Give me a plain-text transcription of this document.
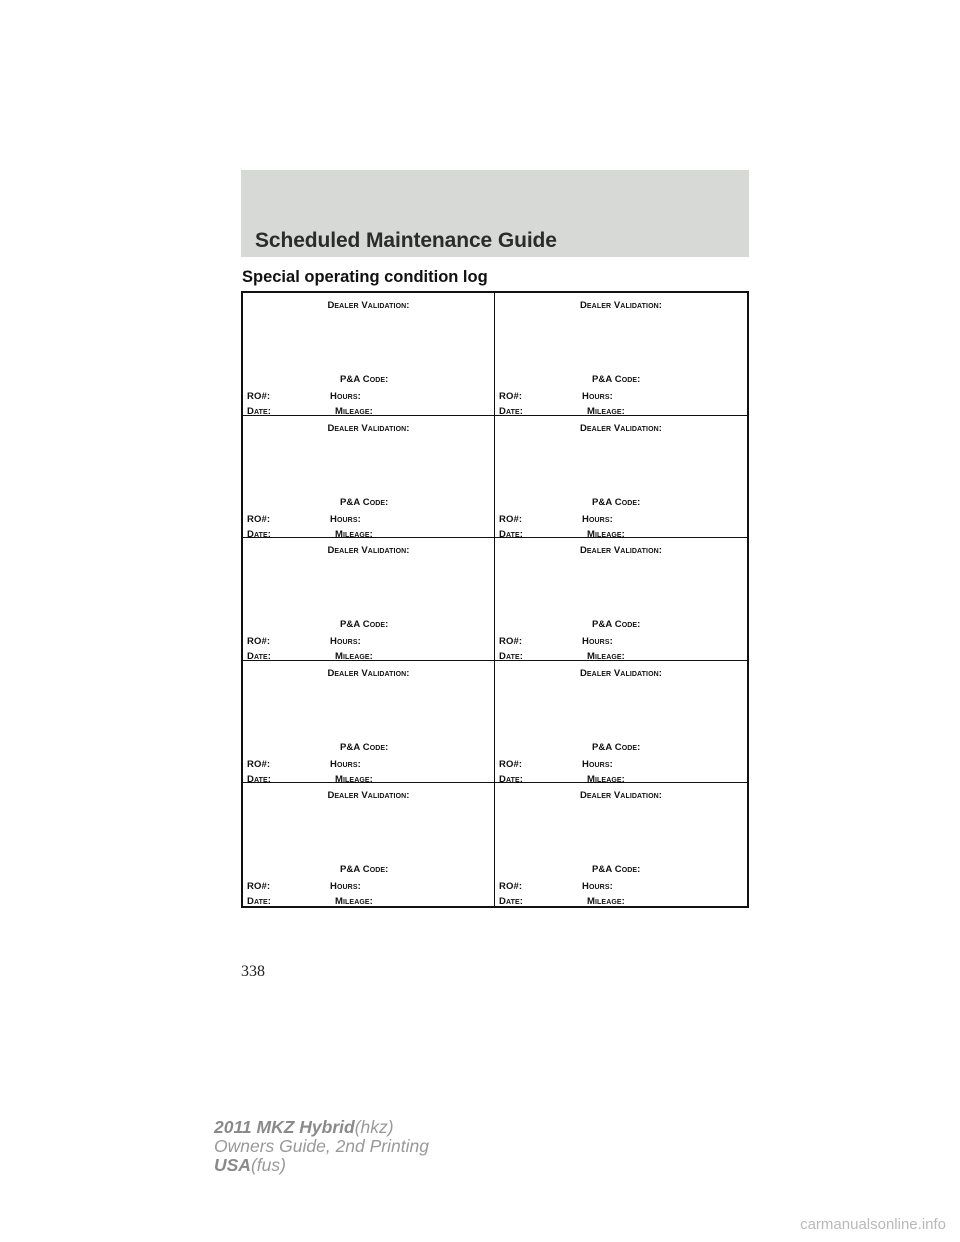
Scheduled Maintenance Guide
Special operating condition log
Dealer Validation:
P&A Code:
RO#:	Hours:
Date:	Mileage:
Dealer Validation:
P&A Code:
RO#:	Hours:
Date:	Mileage:
Dealer Validation:
P&A Code:
RO#:	Hours:
Date:	Mileage:
Dealer Validation:
P&A Code:
RO#:	Hours:
Date:	Mileage:
Dealer Validation:
P&A Code:
RO#:	Hours:
Date:	Mileage:
Dealer Validation:
P&A Code:
RO#:	Hours:
Date:	Mileage:
Dealer Validation:
P&A Code:
RO#:	Hours:
Date:	Mileage:
Dealer Validation:
P&A Code:
RO#:	Hours:
Date:	Mileage:
Dealer Validation:
P&A Code:
RO#:	Hours:
Date:	Mileage:
Dealer Validation:
P&A Code:
RO#:	Hours:
Date:	Mileage:
338
2011 MKZ Hybrid(hkz)
Owners Guide, 2nd Printing
USA(fus)
carmanualsonline.info
